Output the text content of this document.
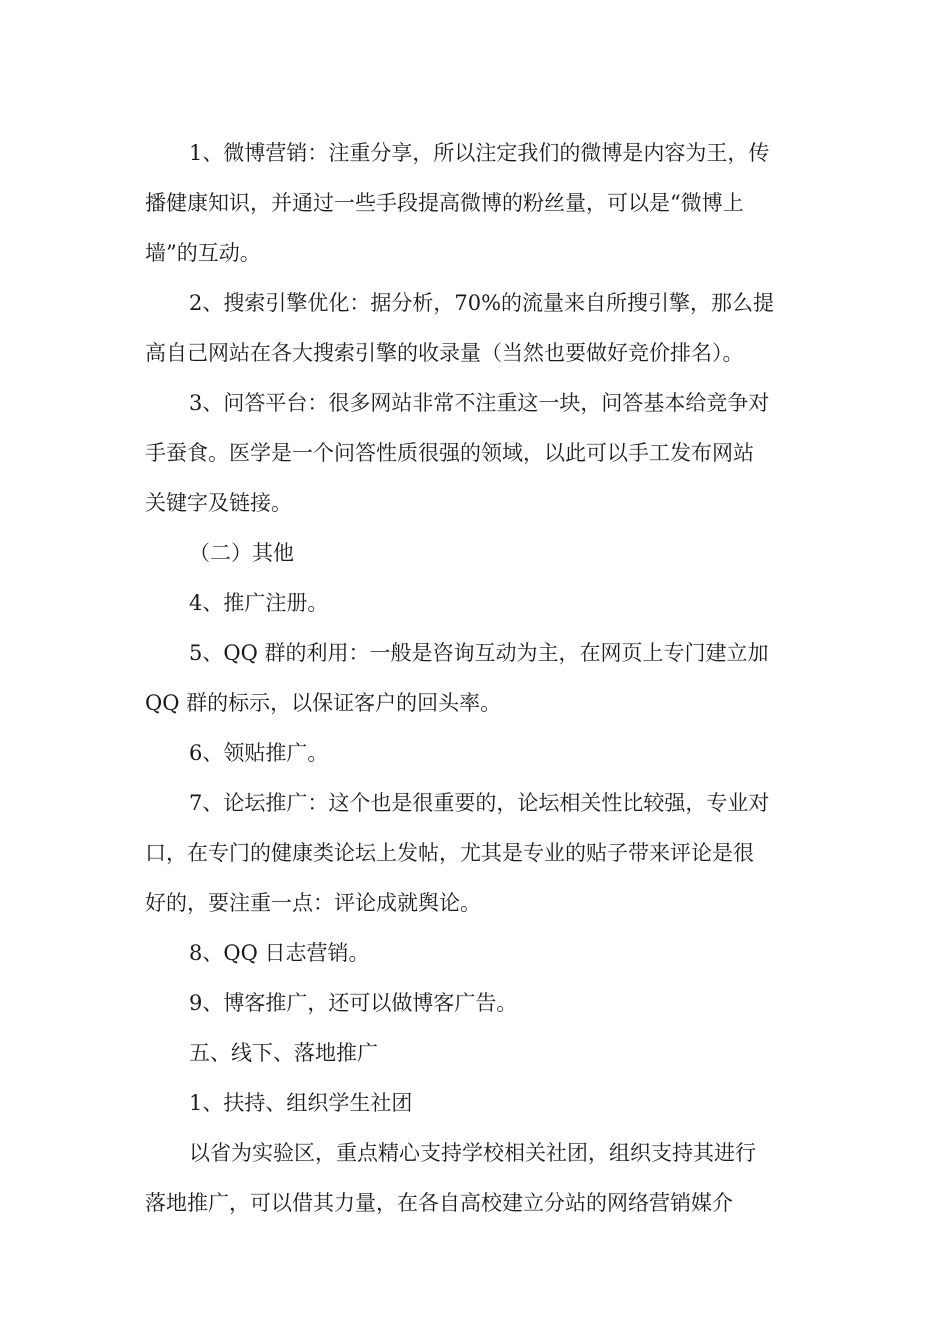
1、微博营销：注重分享，所以注定我们的微博是内容为王，传
播健康知识，并通过一些手段提高微博的粉丝量，可以是“微博上
墙”的互动。
2、搜索引擎优化：据分析，70%的流量来自所搜引擎，那么提
高自己网站在各大搜索引擎的收录量（当然也要做好竞价排名）。
3、问答平台：很多网站非常不注重这一块，问答基本给竞争对
手蚕食。医学是一个问答性质很强的领域，以此可以手工发布网站
关键字及链接。
（二）其他
4、推广注册。
5、QQ 群的利用：一般是咨询互动为主，在网页上专门建立加
QQ 群的标示，以保证客户的回头率。
6、领贴推广。
7、论坛推广：这个也是很重要的，论坛相关性比较强，专业对
口，在专门的健康类论坛上发帖，尤其是专业的贴子带来评论是很
好的，要注重一点：评论成就舆论。
8、QQ 日志营销。
9、博客推广，还可以做博客广告。
五、线下、落地推广
1、扶持、组织学生社团
以省为实验区，重点精心支持学校相关社团，组织支持其进行
落地推广，可以借其力量，在各自高校建立分站的网络营销媒介
